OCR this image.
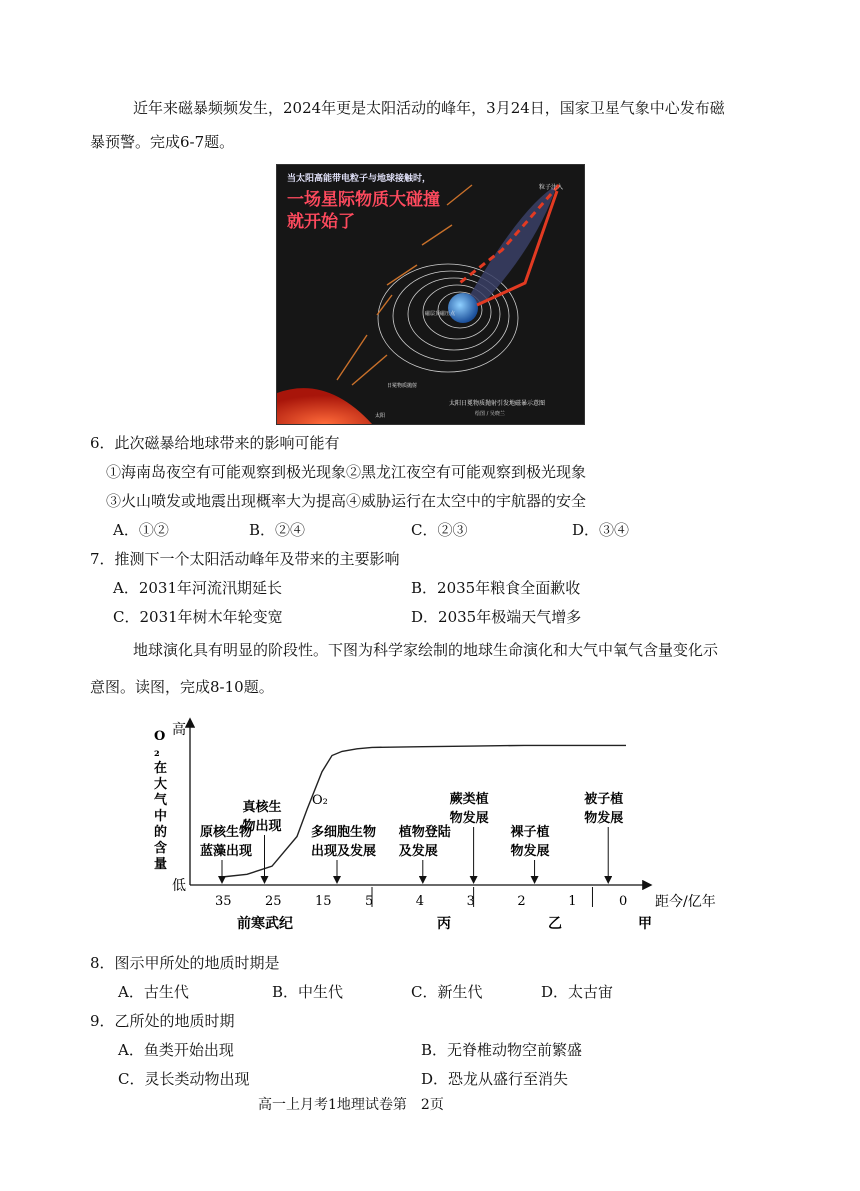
近年来磁暴频频发生，2024年更是太阳活动的峰年，3月24日，国家卫星气象中心发布磁
暴预警。完成6-7题。
当太阳高能带电粒子与地球接触时，
一场星际物质大碰撞
就开始了
粒子注入
磁层顶磁压点
日冕物质抛射
太阳
太阳日冕物质抛射引发地磁暴示意图
绘图 / 吴晓兰
6．此次磁暴给地球带来的影响可能有
①海南岛夜空有可能观察到极光现象②黑龙江夜空有可能观察到极光现象
③火山喷发或地震出现概率大为提高④威胁运行在太空中的宇航器的安全
A．①②	B．②④	C．②③	D．③④
7．推测下一个太阳活动峰年及带来的主要影响
A．2031年河流汛期延长	B．2035年粮食全面歉收
C．2031年树木年轮变宽	D．2035年极端天气增多
地球演化具有明显的阶段性。下图为科学家绘制的地球生命演化和大气中氧气含量变化示
意图。读图，完成8-10题。
高
低
O ₂ 在大气中的含量
距今/亿年
O₂
35	25	15	5	4	3	2	1	0
原核生物
蓝藻出现
真核生
物出现 多细胞生物
出现及发展
植物登陆
及发展
蕨类植
物发展
裸子植
物发展
被子植
物发展
前寒武纪	丙	乙	甲
8．图示甲所处的地质时期是
A．古生代	B．中生代	C．新生代	D．太古宙
9．乙所处的地质时期
A．鱼类开始出现	B．无脊椎动物空前繁盛
C．灵长类动物出现	D．恐龙从盛行至消失
高一上月考1地理试卷第　2页
